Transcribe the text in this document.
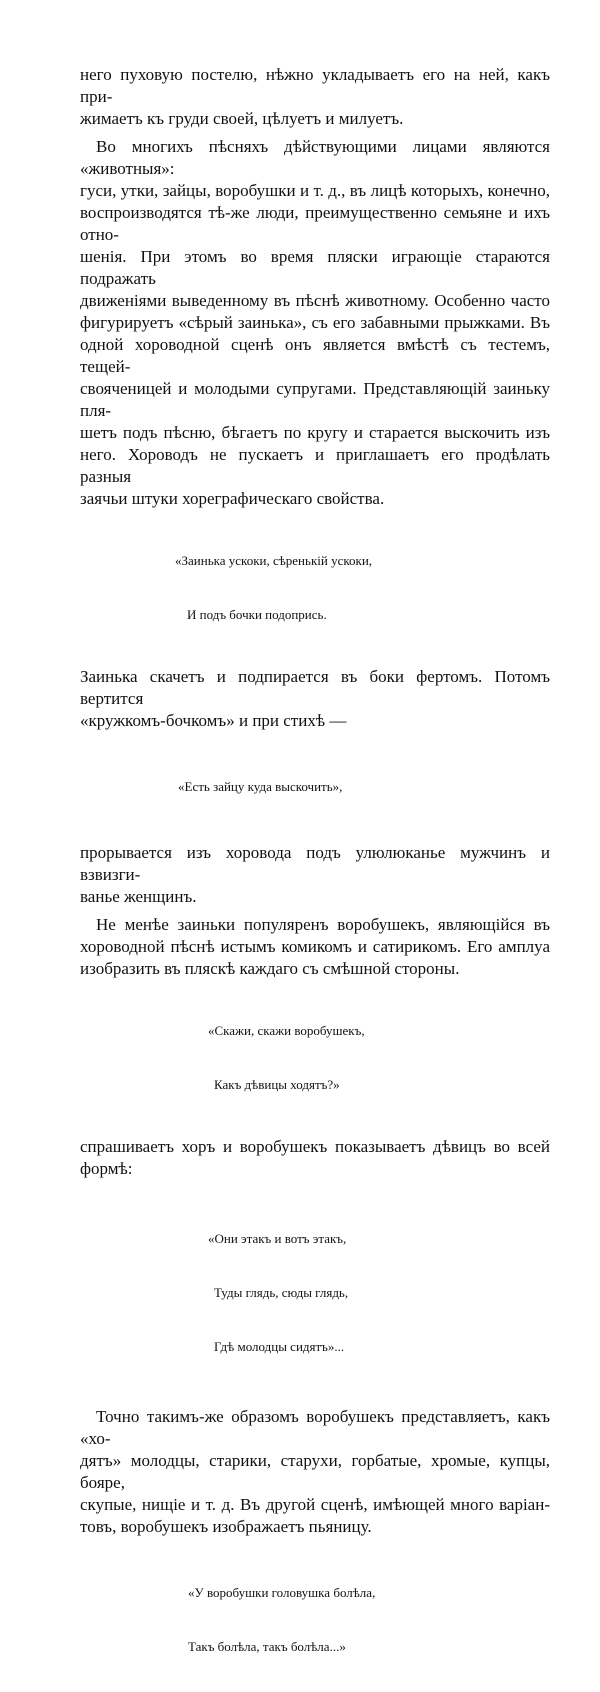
него пуховую постелю, нѣжно укладываетъ его на ней, какъ при-

жимаетъ къ груди своей, цѣлуетъ и милуетъ.

Во многихъ пѣсняхъ дѣйствующими лицами являются «животныя»:

гуси, утки, зайцы, воробушки и т. д., въ лицѣ которыхъ, конечно,

воспроизводятся тѣ-же люди, преимущественно семьяне и ихъ отно-

шенія. При этомъ во время пляски играющіе стараются подражать

движеніями выведенному въ пѣснѣ животному. Особенно часто

фигурируетъ «сѣрый заинька», съ его забавными прыжками. Въ

одной хороводной сценѣ онъ является вмѣстѣ съ тестемъ, тещей-

свояченицей и молодыми супругами. Представляющій заиньку пля-

шетъ подъ пѣсню, бѣгаетъ по кругу и старается выскочить изъ

него. Хороводъ не пускаетъ и приглашаетъ его продѣлать разныя

заячьи штуки хореграфическаго свойства.

«Заинька ускоки, сѣренькій ускоки,

И подъ бочки подопрись.

Заинька скачетъ и подпирается въ боки фертомъ. Потомъ вертится

«кружкомъ-бочкомъ» и при стихѣ —

«Есть зайцу куда выскочить»,

прорывается изъ хоровода подъ улюлюканье мужчинъ и взвизги-

ванье женщинъ.

Не менѣе заиньки популяренъ воробушекъ, являющійся въ

хороводной пѣснѣ истымъ комикомъ и сатирикомъ. Его амплуа

изобразить въ пляскѣ каждаго съ смѣшной стороны.

«Скажи, скажи воробушекъ,

Какъ дѣвицы ходятъ?»

спрашиваетъ хоръ и воробушекъ показываетъ дѣвицъ во всей

формѣ:

«Они этакъ и вотъ этакъ,

Туды глядь, сюды глядь,

Гдѣ молодцы сидятъ»...

Точно такимъ-же образомъ воробушекъ представляетъ, какъ «хо-

дятъ» молодцы, старики, старухи, горбатые, хромые, купцы, бояре,

скупые, нищіе и т. д. Въ другой сценѣ, имѣющей много варіан-

товъ, воробушекъ изображаетъ пьяницу.

«У воробушки головушка болѣла,

Такъ болѣла, такъ болѣла...»
